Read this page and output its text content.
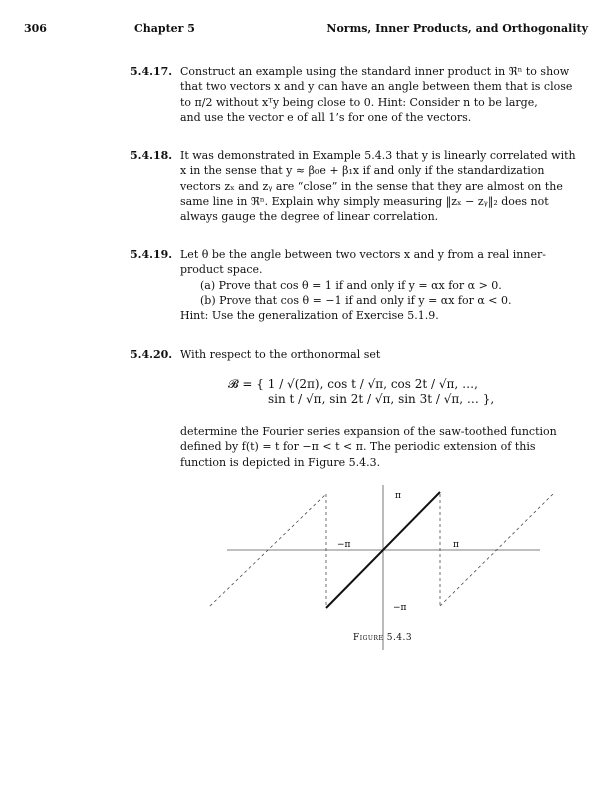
306	Chapter 5	Norms, Inner Products, and Orthogonality
5.4.17. Construct an example using the standard inner product in ℜⁿ to show
that two vectors x and y can have an angle between them that is close
to π/2 without xᵀy being close to 0. Hint: Consider n to be large,
and use the vector e of all 1’s for one of the vectors.
5.4.18. It was demonstrated in Example 5.4.3 that y is linearly correlated with
x in the sense that y ≈ β₀e + β₁x if and only if the standardization
vectors zₓ and zᵧ are “close” in the sense that they are almost on the
same line in ℜⁿ. Explain why simply measuring ‖zₓ − zᵧ‖₂ does not
always gauge the degree of linear correlation.
5.4.19. Let θ be the angle between two vectors x and y from a real inner-
product space.
(a) Prove that cos θ = 1 if and only if y = αx for α > 0.
(b) Prove that cos θ = −1 if and only if y = αx for α < 0.
Hint: Use the generalization of Exercise 5.1.9.
5.4.20. With respect to the orthonormal set
𝓑 = { 1 / √(2π), cos t / √π, cos 2t / √π, …,
sin t / √π, sin 2t / √π, sin 3t / √π, … },
determine the Fourier series expansion of the saw-toothed function
defined by f(t) = t for −π < t < π. The periodic extension of this
function is depicted in Figure 5.4.3.
π
−π
−π	π
Figure 5.4.3
